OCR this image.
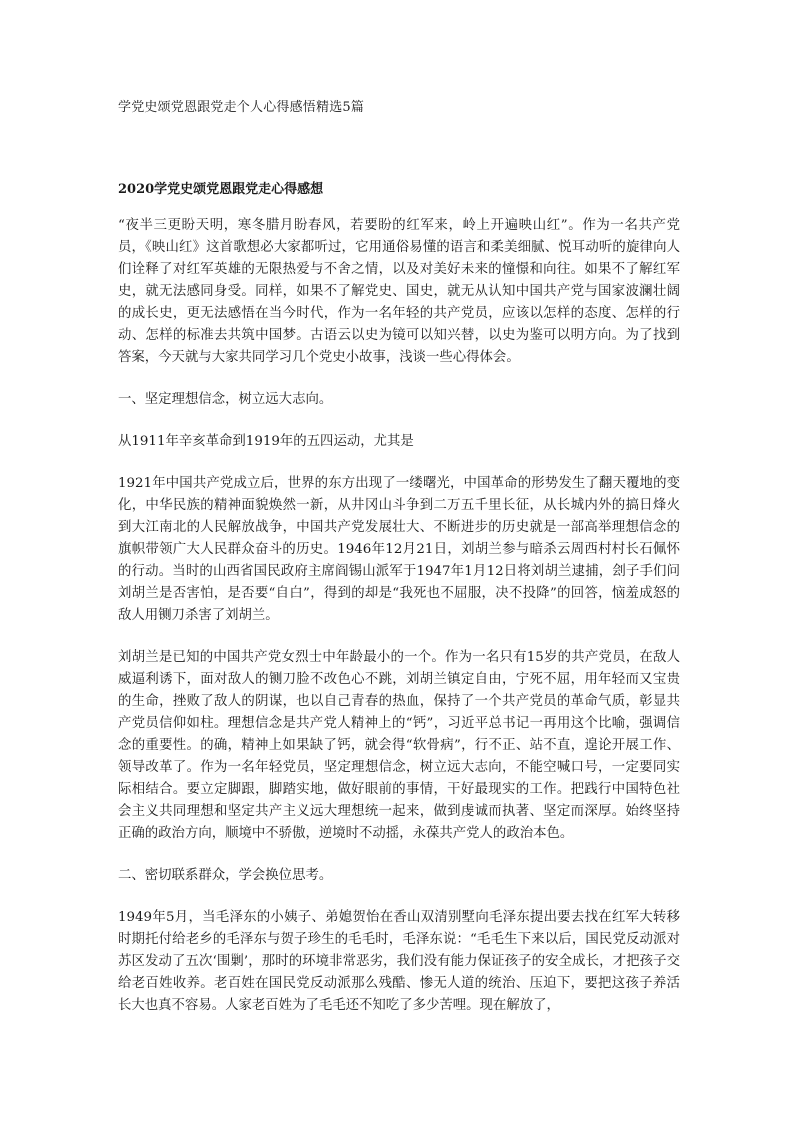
学党史颂党恩跟党走个人心得感悟精选5篇
2020学党史颂党恩跟党走心得感想

“夜半三更盼天明，寒冬腊月盼春风，若要盼的红军来，岭上开遍映山红”。作为一名共产党员，《映山红》这首歌想必大家都听过，它用通俗易懂的语言和柔美细腻、悦耳动听的旋律向人们诠释了对红军英雄的无限热爱与不舍之情，以及对美好未来的憧憬和向往。如果不了解红军史，就无法感同身受。同样，如果不了解党史、国史，就无从认知中国共产党与国家波澜壮阔的成长史，更无法感悟在当今时代，作为一名年轻的共产党员，应该以怎样的态度、怎样的行动、怎样的标准去共筑中国梦。古语云以史为镜可以知兴替，以史为鉴可以明方向。为了找到答案，今天就与大家共同学习几个党史小故事，浅谈一些心得体会。

一、坚定理想信念，树立远大志向。

从1911年辛亥革命到1919年的五四运动，尤其是

1921年中国共产党成立后，世界的东方出现了一缕曙光，中国革命的形势发生了翻天覆地的变化，中华民族的精神面貌焕然一新，从井冈山斗争到二万五千里长征，从长城内外的搞日烽火到大江南北的人民解放战争，中国共产党发展壮大、不断进步的历史就是一部高举理想信念的旗帜带领广大人民群众奋斗的历史。1946年12月21日，刘胡兰参与暗杀云周西村村长石佩怀的行动。当时的山西省国民政府主席阎锡山派军于1947年1月12日将刘胡兰逮捕，刽子手们问刘胡兰是否害怕，是否要“自白”，得到的却是“我死也不屈服，决不投降”的回答，恼羞成怒的敌人用铡刀杀害了刘胡兰。

刘胡兰是已知的中国共产党女烈士中年龄最小的一个。作为一名只有15岁的共产党员，在敌人威逼利诱下，面对敌人的铡刀脸不改色心不跳，刘胡兰镇定自由，宁死不屈，用年轻而又宝贵的生命，挫败了敌人的阴谋，也以自己青春的热血，保持了一个共产党员的革命气质，彰显共产党员信仰如柱。理想信念是共产党人精神上的“钙”，习近平总书记一再用这个比喻，强调信念的重要性。的确，精神上如果缺了钙，就会得“软骨病”，行不正、站不直，遑论开展工作、领导改革了。作为一名年轻党员，坚定理想信念，树立远大志向，不能空喊口号，一定要同实际相结合。要立定脚跟，脚踏实地，做好眼前的事情，干好最现实的工作。把践行中国特色社会主义共同理想和坚定共产主义远大理想统一起来，做到虔诚而执著、坚定而深厚。始终坚持正确的政治方向，顺境中不骄傲，逆境时不动摇，永葆共产党人的政治本色。

二、密切联系群众，学会换位思考。

1949年5月，当毛泽东的小姨子、弟媳贺怡在香山双清别墅向毛泽东提出要去找在红军大转移时期托付给老乡的毛泽东与贺子珍生的毛毛时，毛泽东说：“毛毛生下来以后，国民党反动派对苏区发动了五次‘围剿’，那时的环境非常恶劣，我们没有能力保证孩子的安全成长，才把孩子交给老百姓收养。老百姓在国民党反动派那么残酷、惨无人道的统治、压迫下，要把这孩子养活长大也真不容易。人家老百姓为了毛毛还不知吃了多少苦哩。现在解放了，
